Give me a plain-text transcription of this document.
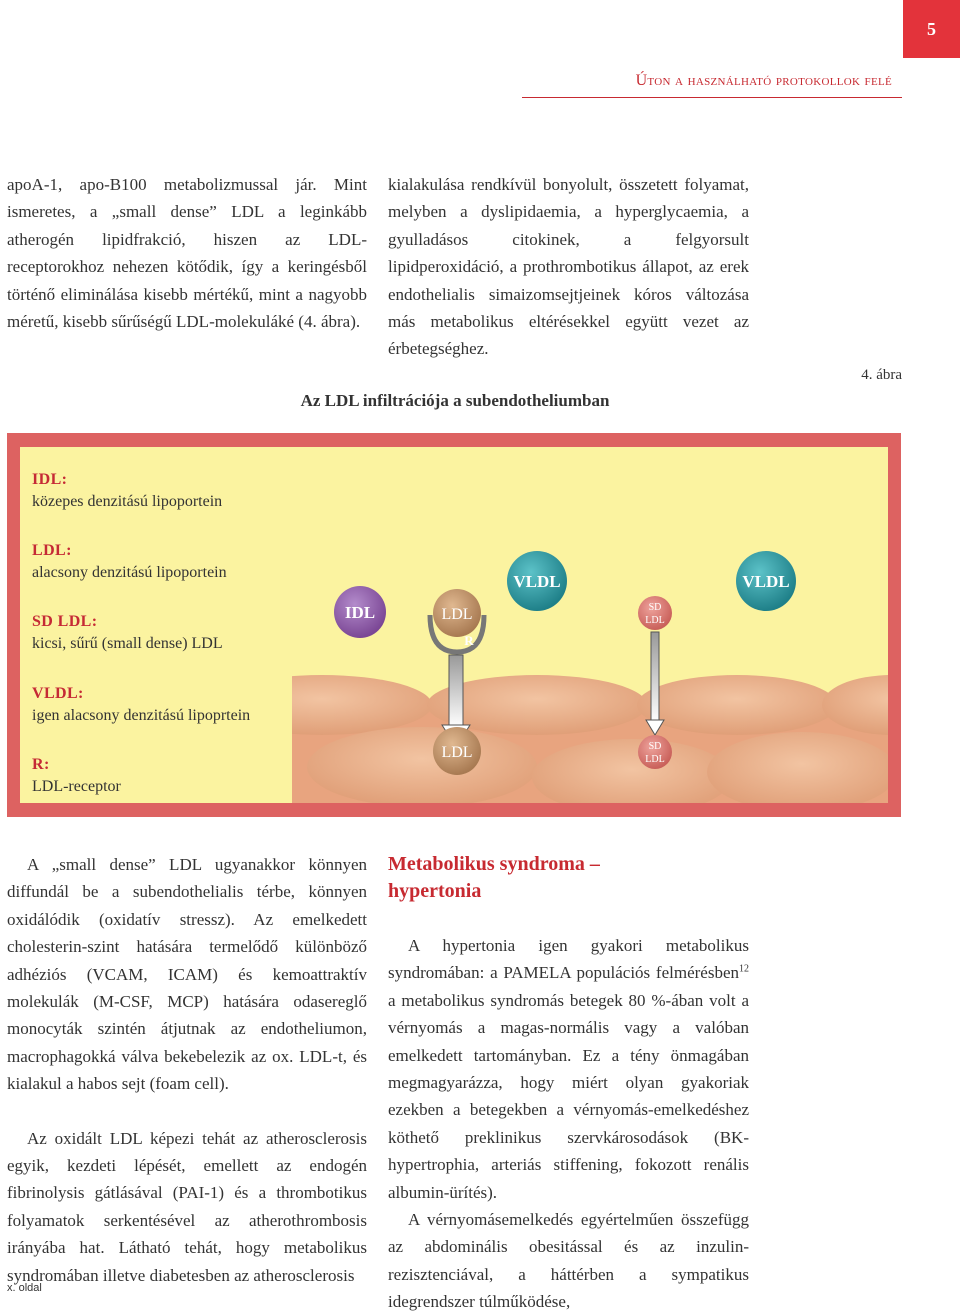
5
Úton a használható protokollok felé

apoA-1, apo-B100 metabolizmussal jár. Mint ismeretes, a „small dense” LDL a leginkább atherogén lipidfrakció, hiszen az LDL-receptorokhoz nehezen kötődik, így a keringésből történő eliminálása kisebb mértékű, mint a nagyobb méretű, kisebb sűrűségű LDL-molekuláké (4. ábra).

kialakulása rendkívül bonyolult, összetett folyamat, melyben a dyslipidaemia, a hyperglycaemia, a gyulladásos citokinek, a felgyorsult lipidperoxidáció, a prothrombotikus állapot, az erek endothelialis simaizomsejtjeinek kóros változása más metabolikus eltérésekkel együtt vezet az érbetegséghez.

4. ábra
Az LDL infiltrációja a subendotheliumban
IDL:
közepes denzitású lipoportein
LDL:
alacsony denzitású lipoportein
SD LDL:
kicsi, sűrű (small dense) LDL
VLDL:
igen alacsony denzitású lipoprtein
R:
LDL-receptor
IDL	LDL
R
VLDL
SD
LDL
VLDL
LDL	SD
LDL

A „small dense” LDL ugyanakkor könnyen diffundál be a subendothelialis térbe, könnyen oxidálódik (oxidatív stressz). Az emelkedett cholesterin-szint hatására termelődő különböző adhéziós (VCAM, ICAM) és kemoattraktív molekulák (M-CSF, MCP) hatására odasereglő monocyták szintén átjutnak az endotheliumon, macrophagokká válva bekebelezik az ox. LDL-t, és kialakul a habos sejt (foam cell).

Az oxidált LDL képezi tehát az atherosclerosis egyik, kezdeti lépését, emellett az endogén fibrinolysis gátlásával (PAI-1) és a thrombotikus folyamatok serkentésével az atherothrombosis irányába hat. Látható tehát, hogy metabolikus syndromában illetve diabetesben az atherosclerosis

Metabolikus syndroma –
hypertonia

A hypertonia igen gyakori metabolikus syndromában: a PAMELA populációs felmérésben$^{12}$ a metabolikus syndromás betegek 80 %-ában volt a vérnyomás a magas-normális vagy a valóban emelkedett tartományban. Ez a tény önmagában megmagyarázza, hogy miért olyan gyakoriak ezekben a betegekben a vérnyomás-emelkedéshez köthető preklinikus szervkárosodások (BK-hypertrophia, arteriás stiffening, fokozott renális albumin-ürítés).

A vérnyomásemelkedés egyértelműen összefügg az abdominális obesitással és az inzulin-rezisztenciával, a háttérben a sympatikus idegrendszer túlműködése,

x. oldal
